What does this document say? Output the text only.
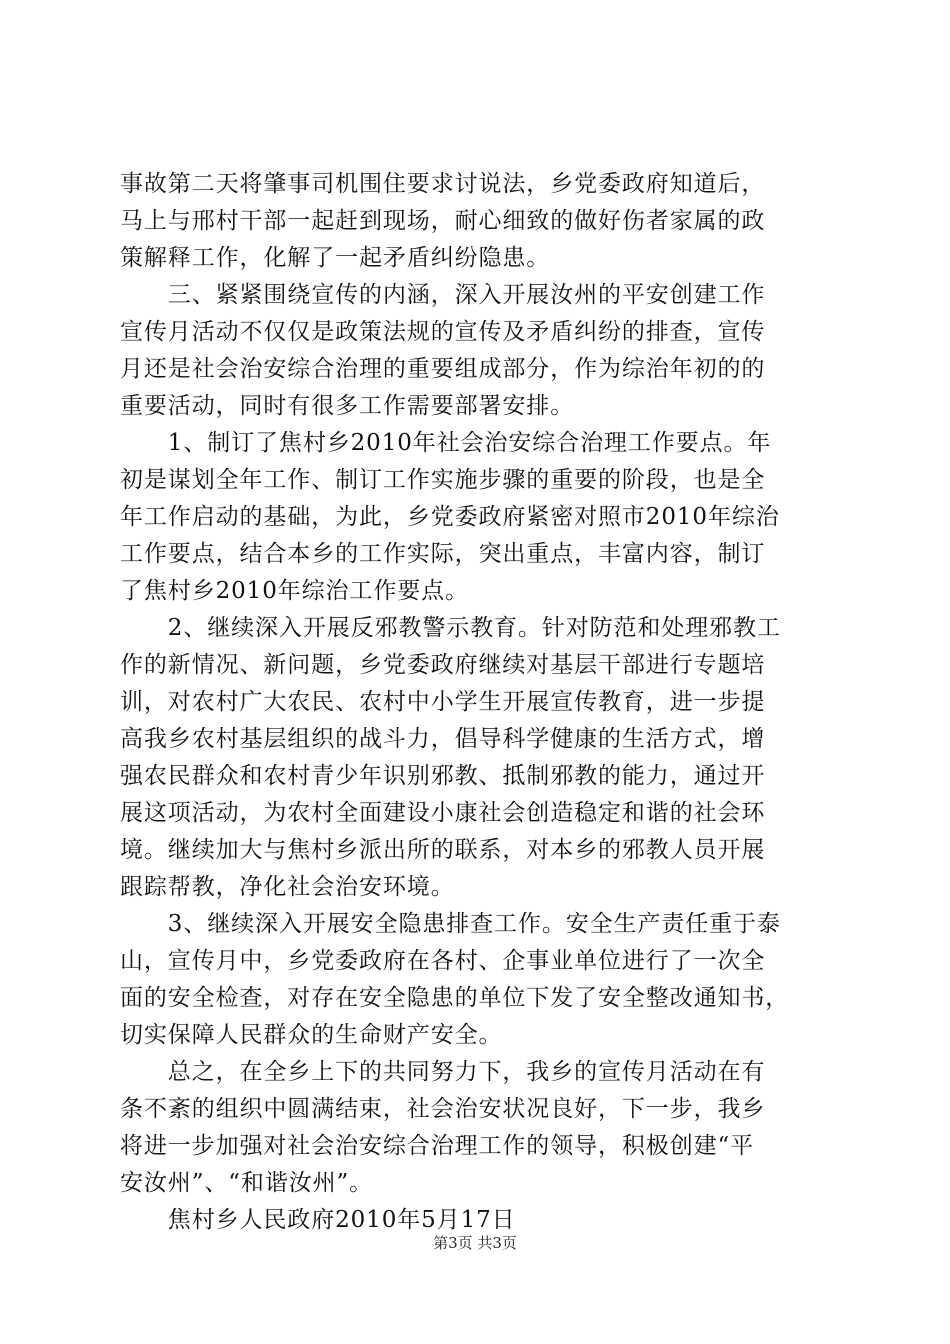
事故第二天将肇事司机围住要求讨说法，乡党委政府知道后，
马上与邢村干部一起赶到现场，耐心细致的做好伤者家属的政
策解释工作，化解了一起矛盾纠纷隐患。
　　三、紧紧围绕宣传的内涵，深入开展汝州的平安创建工作
宣传月活动不仅仅是政策法规的宣传及矛盾纠纷的排查，宣传
月还是社会治安综合治理的重要组成部分，作为综治年初的的
重要活动，同时有很多工作需要部署安排。
　　1、制订了焦村乡2010年社会治安综合治理工作要点。年
初是谋划全年工作、制订工作实施步骤的重要的阶段，也是全
年工作启动的基础，为此，乡党委政府紧密对照市2010年综治
工作要点，结合本乡的工作实际，突出重点，丰富内容，制订
了焦村乡2010年综治工作要点。
　　2、继续深入开展反邪教警示教育。针对防范和处理邪教工
作的新情况、新问题，乡党委政府继续对基层干部进行专题培
训，对农村广大农民、农村中小学生开展宣传教育，进一步提
高我乡农村基层组织的战斗力，倡导科学健康的生活方式，增
强农民群众和农村青少年识别邪教、抵制邪教的能力，通过开
展这项活动，为农村全面建设小康社会创造稳定和谐的社会环
境。继续加大与焦村乡派出所的联系，对本乡的邪教人员开展
跟踪帮教，净化社会治安环境。
　　3、继续深入开展安全隐患排查工作。安全生产责任重于泰
山，宣传月中，乡党委政府在各村、企事业单位进行了一次全
面的安全检查，对存在安全隐患的单位下发了安全整改通知书，
切实保障人民群众的生命财产安全。
　　总之，在全乡上下的共同努力下，我乡的宣传月活动在有
条不紊的组织中圆满结束，社会治安状况良好，下一步，我乡
将进一步加强对社会治安综合治理工作的领导，积极创建“平
安汝州”、“和谐汝州”。
　　焦村乡人民政府2010年5月17日
第3页 共3页
